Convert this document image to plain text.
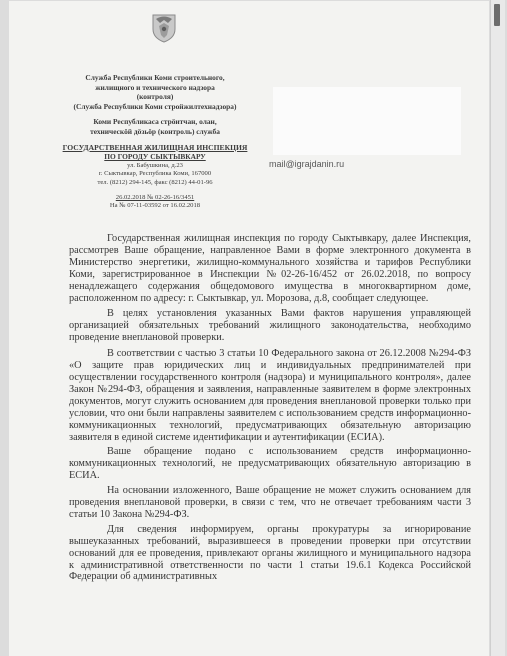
Служба Республики Коми строительного,
жилищного и технического надзора
(контроля)
(Служба Республики Коми стройжилтехнадзора)
Коми Республикаса стрӧитчан, олан,
техническӧй дӧзьӧр (контроль) служба
ГОСУДАРСТВЕННАЯ ЖИЛИЩНАЯ ИНСПЕКЦИЯ
ПО ГОРОДУ СЫКТЫВКАРУ
ул. Бабушкина, д.23
г. Сыктывкар, Республика Коми, 167000
тел. (8212) 294-145, факс (8212) 44-01-96
26.02.2018 № 02-26-16/3451
На № 07-11-03592 от 16.02.2018
mail@igrajdanin.ru

Государственная жилищная инспекция по городу Сыктывкару, далее Инспекция, рассмотрев Ваше обращение, направленное Вами в форме электронного документа в Министерство энергетики, жилищно-коммунального хозяйства и тарифов Республики Коми, зарегистрированное в Инспекции №02-26-16/452 от 26.02.2018, по вопросу ненадлежащего содержания общедомового имущества в многоквартирном доме, расположенном по адресу: г. Сыктывкар, ул. Морозова, д.8, сообщает следующее.

В целях установления указанных Вами фактов нарушения управляющей организацией обязательных требований жилищного законодательства, необходимо проведение внеплановой проверки.

В соответствии с частью 3 статьи 10 Федерального закона от 26.12.2008 №294-ФЗ «О защите прав юридических лиц и индивидуальных предпринимателей при осуществлении государственного контроля (надзора) и муниципального контроля», далее Закон №294-ФЗ, обращения и заявления, направленные заявителем в форме электронных документов, могут служить основанием для проведения внеплановой проверки только при условии, что они были направлены заявителем с использованием средств информационно-коммуникационных технологий, предусматривающих обязательную авторизацию заявителя в единой системе идентификации и аутентификации (ЕСИА).

Ваше обращение подано с использованием средств информационно-коммуникационных технологий, не предусматривающих обязательную авторизацию в ЕСИА.

На основании изложенного, Ваше обращение не может служить основанием для проведения внеплановой проверки, в связи с тем, что не отвечает требованиям части 3 статьи 10 Закона №294-ФЗ.

Для сведения информируем, органы прокуратуры за игнорирование вышеуказанных требований, выразившееся в проведении проверки при отсутствии оснований для ее проведения, привлекают органы жилищного и муниципального надзора к административной ответственности по части 1 статьи 19.6.1 Кодекса Российской Федерации об административных
